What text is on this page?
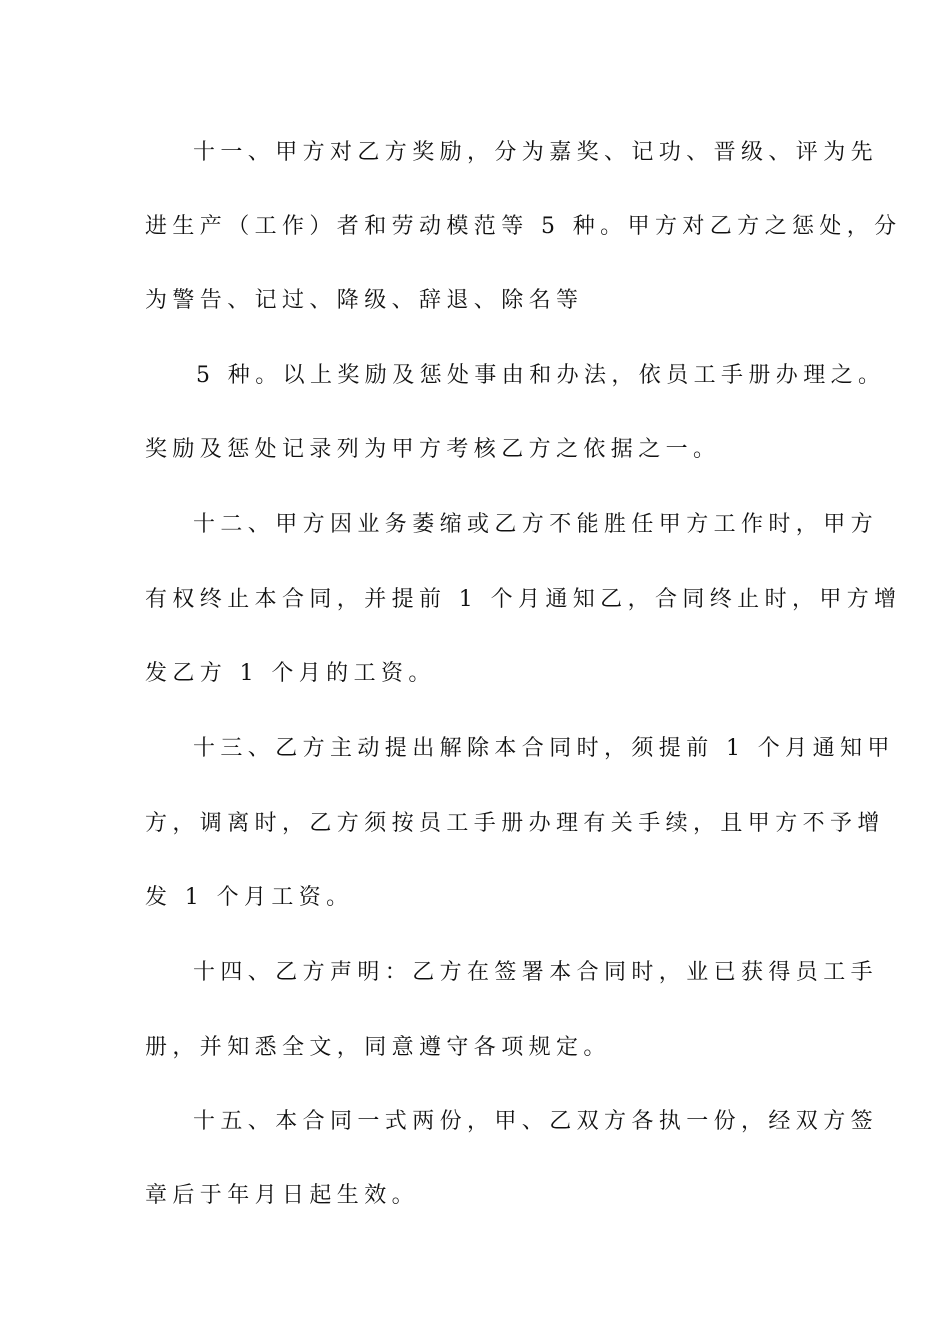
十一、甲方对乙方奖励，分为嘉奖、记功、晋级、评为先
进生产（工作）者和劳动模范等 5 种。甲方对乙方之惩处，分
为警告、记过、降级、辞退、除名等
5 种。以上奖励及惩处事由和办法，依员工手册办理之。
奖励及惩处记录列为甲方考核乙方之依据之一。
十二、甲方因业务萎缩或乙方不能胜任甲方工作时，甲方
有权终止本合同，并提前 1 个月通知乙，合同终止时，甲方增
发乙方 1 个月的工资。
十三、乙方主动提出解除本合同时，须提前 1 个月通知甲
方，调离时，乙方须按员工手册办理有关手续，且甲方不予增
发 1 个月工资。
十四、乙方声明：乙方在签署本合同时，业已获得员工手
册，并知悉全文，同意遵守各项规定。
十五、本合同一式两份，甲、乙双方各执一份，经双方签
章后于年月日起生效。
